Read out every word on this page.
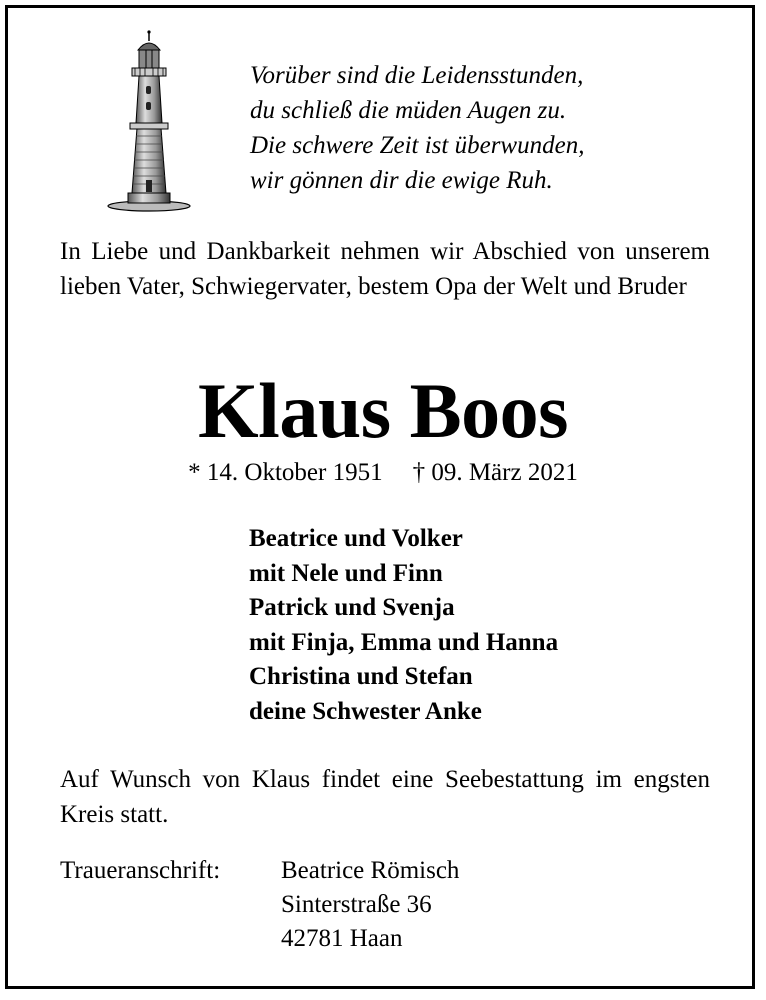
Vorüber sind die Leidensstunden,
du schließ die müden Augen zu.
Die schwere Zeit ist überwunden,
wir gönnen dir die ewige Ruh.
In Liebe und Dankbarkeit nehmen wir Abschied von unserem lieben Vater, Schwiegervater, bestem Opa der Welt und Bruder
Klaus Boos
* 14. Oktober 1951 † 09. März 2021
Beatrice und Volker
mit Nele und Finn
Patrick und Svenja
mit Finja, Emma und Hanna
Christina und Stefan
deine Schwester Anke
Auf Wunsch von Klaus findet eine Seebestattung im engsten Kreis statt.
Traueranschrift: Beatrice Römisch
Sinterstraße 36
42781 Haan
